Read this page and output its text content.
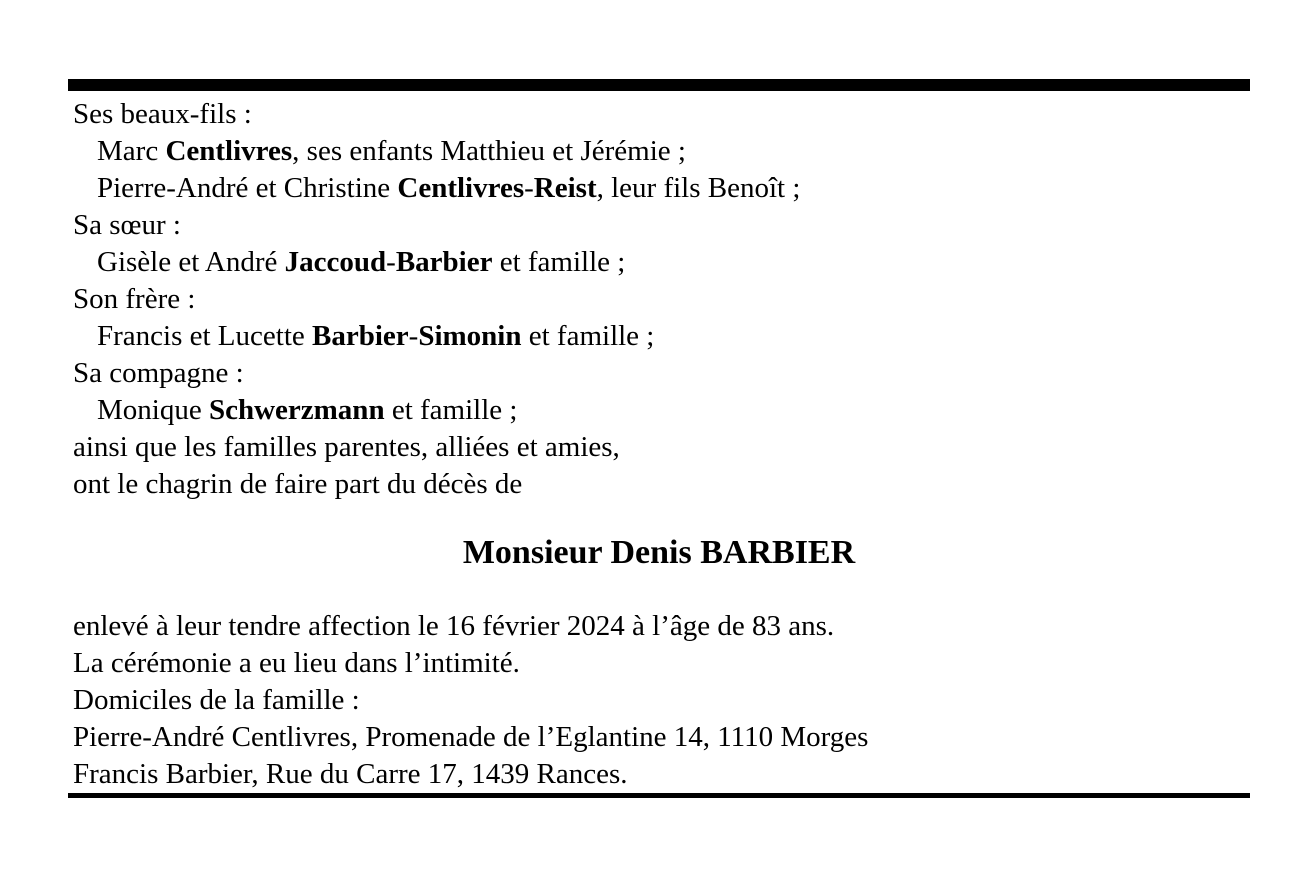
Ses beaux-fils :
Marc Centlivres, ses enfants Matthieu et Jérémie ;
Pierre-André et Christine Centlivres-Reist, leur fils Benoît ;
Sa sœur :
Gisèle et André Jaccoud-Barbier et famille ;
Son frère :
Francis et Lucette Barbier-Simonin et famille ;
Sa compagne :
Monique Schwerzmann et famille ;
ainsi que les familles parentes, alliées et amies,
ont le chagrin de faire part du décès de
Monsieur Denis BARBIER
enlevé à leur tendre affection le 16 février 2024 à l’âge de 83 ans.
La cérémonie a eu lieu dans l’intimité.
Domiciles de la famille :
Pierre-André Centlivres, Promenade de l’Eglantine 14, 1110 Morges
Francis Barbier, Rue du Carre 17, 1439 Rances.
